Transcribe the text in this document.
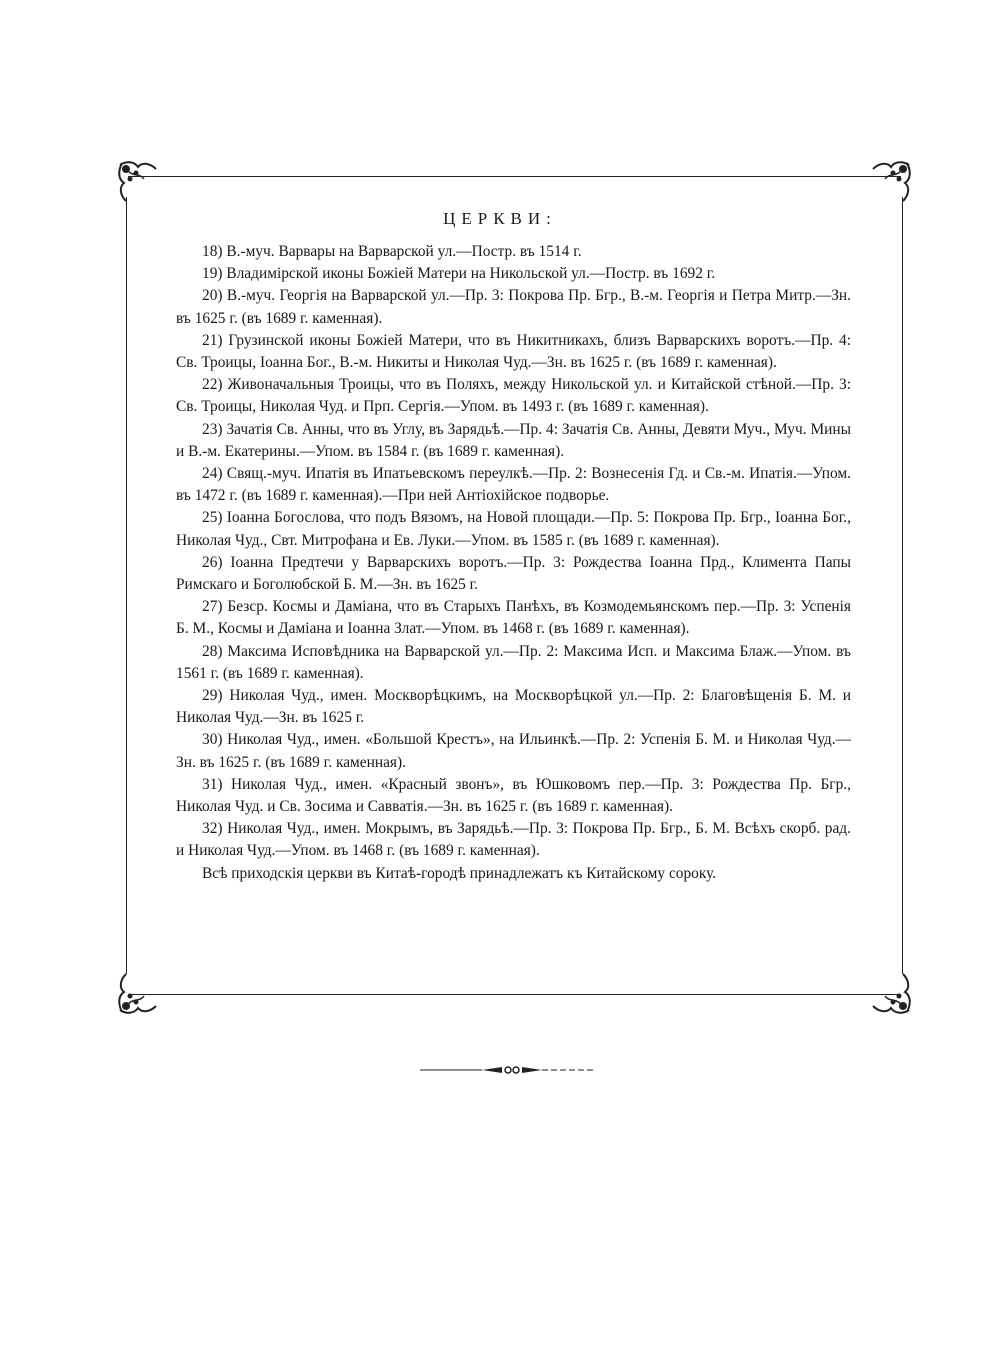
ЦЕРКВИ:

18) В.-муч. Варвары на Варварской ул.—Постр. въ 1514 г.

19) Владимірской иконы Божіей Матери на Никольской ул.—Постр. въ 1692 г.

20) В.-муч. Георгія на Варварской ул.—Пр. 3: Покрова Пр. Бгр., В.-м. Георгія и Петра Митр.—Зн. въ 1625 г. (въ 1689 г. каменная).

21) Грузинской иконы Божіей Матери, что въ Никитникахъ, близъ Варварскихъ воротъ.—Пр. 4: Св. Троицы, Іоанна Бог., В.-м. Никиты и Николая Чуд.—Зн. въ 1625 г. (въ 1689 г. каменная).

22) Живоначальныя Троицы, что въ Поляхъ, между Никольской ул. и Китайской стѣной.—Пр. 3: Св. Троицы, Николая Чуд. и Прп. Сергія.—Упом. въ 1493 г. (въ 1689 г. каменная).

23) Зачатія Св. Анны, что въ Углу, въ Зарядьѣ.—Пр. 4: Зачатія Св. Анны, Девяти Муч., Муч. Мины и В.-м. Екатерины.—Упом. въ 1584 г. (въ 1689 г. каменная).

24) Свящ.-муч. Ипатія въ Ипатьевскомъ переулкѣ.—Пр. 2: Вознесенія Гд. и Св.-м. Ипатія.—Упом. въ 1472 г. (въ 1689 г. каменная).—При ней Антіохійское подворье.

25) Іоанна Богослова, что подъ Вязомъ, на Новой площади.—Пр. 5: Покрова Пр. Бгр., Іоанна Бог., Николая Чуд., Свт. Митрофана и Ев. Луки.—Упом. въ 1585 г. (въ 1689 г. каменная).

26) Іоанна Предтечи у Варварскихъ воротъ.—Пр. 3: Рождества Іоанна Прд., Климента Папы Римскаго и Боголюбской Б. М.—Зн. въ 1625 г.

27) Безср. Космы и Даміана, что въ Старыхъ Панѣхъ, въ Козмодемьянскомъ пер.—Пр. 3: Успенія Б. М., Космы и Даміана и Іоанна Злат.—Упом. въ 1468 г. (въ 1689 г. каменная).

28) Максима Исповѣдника на Варварской ул.—Пр. 2: Максима Исп. и Максима Блаж.—Упом. въ 1561 г. (въ 1689 г. каменная).

29) Николая Чуд., имен. Москворѣцкимъ, на Москворѣцкой ул.—Пр. 2: Благовѣщенія Б. М. и Николая Чуд.—Зн. въ 1625 г.

30) Николая Чуд., имен. «Большой Крестъ», на Ильинкѣ.—Пр. 2: Успенія Б. М. и Николая Чуд.—Зн. въ 1625 г. (въ 1689 г. каменная).

31) Николая Чуд., имен. «Красный звонъ», въ Юшковомъ пер.—Пр. 3: Рождества Пр. Бгр., Николая Чуд. и Св. Зосима и Савватія.—Зн. въ 1625 г. (въ 1689 г. каменная).

32) Николая Чуд., имен. Мокрымъ, въ Зарядьѣ.—Пр. 3: Покрова Пр. Бгр., Б. М. Всѣхъ скорб. рад. и Николая Чуд.—Упом. въ 1468 г. (въ 1689 г. каменная).

Всѣ приходскія церкви въ Китаѣ-городѣ принадлежатъ къ Китайскому сороку.
